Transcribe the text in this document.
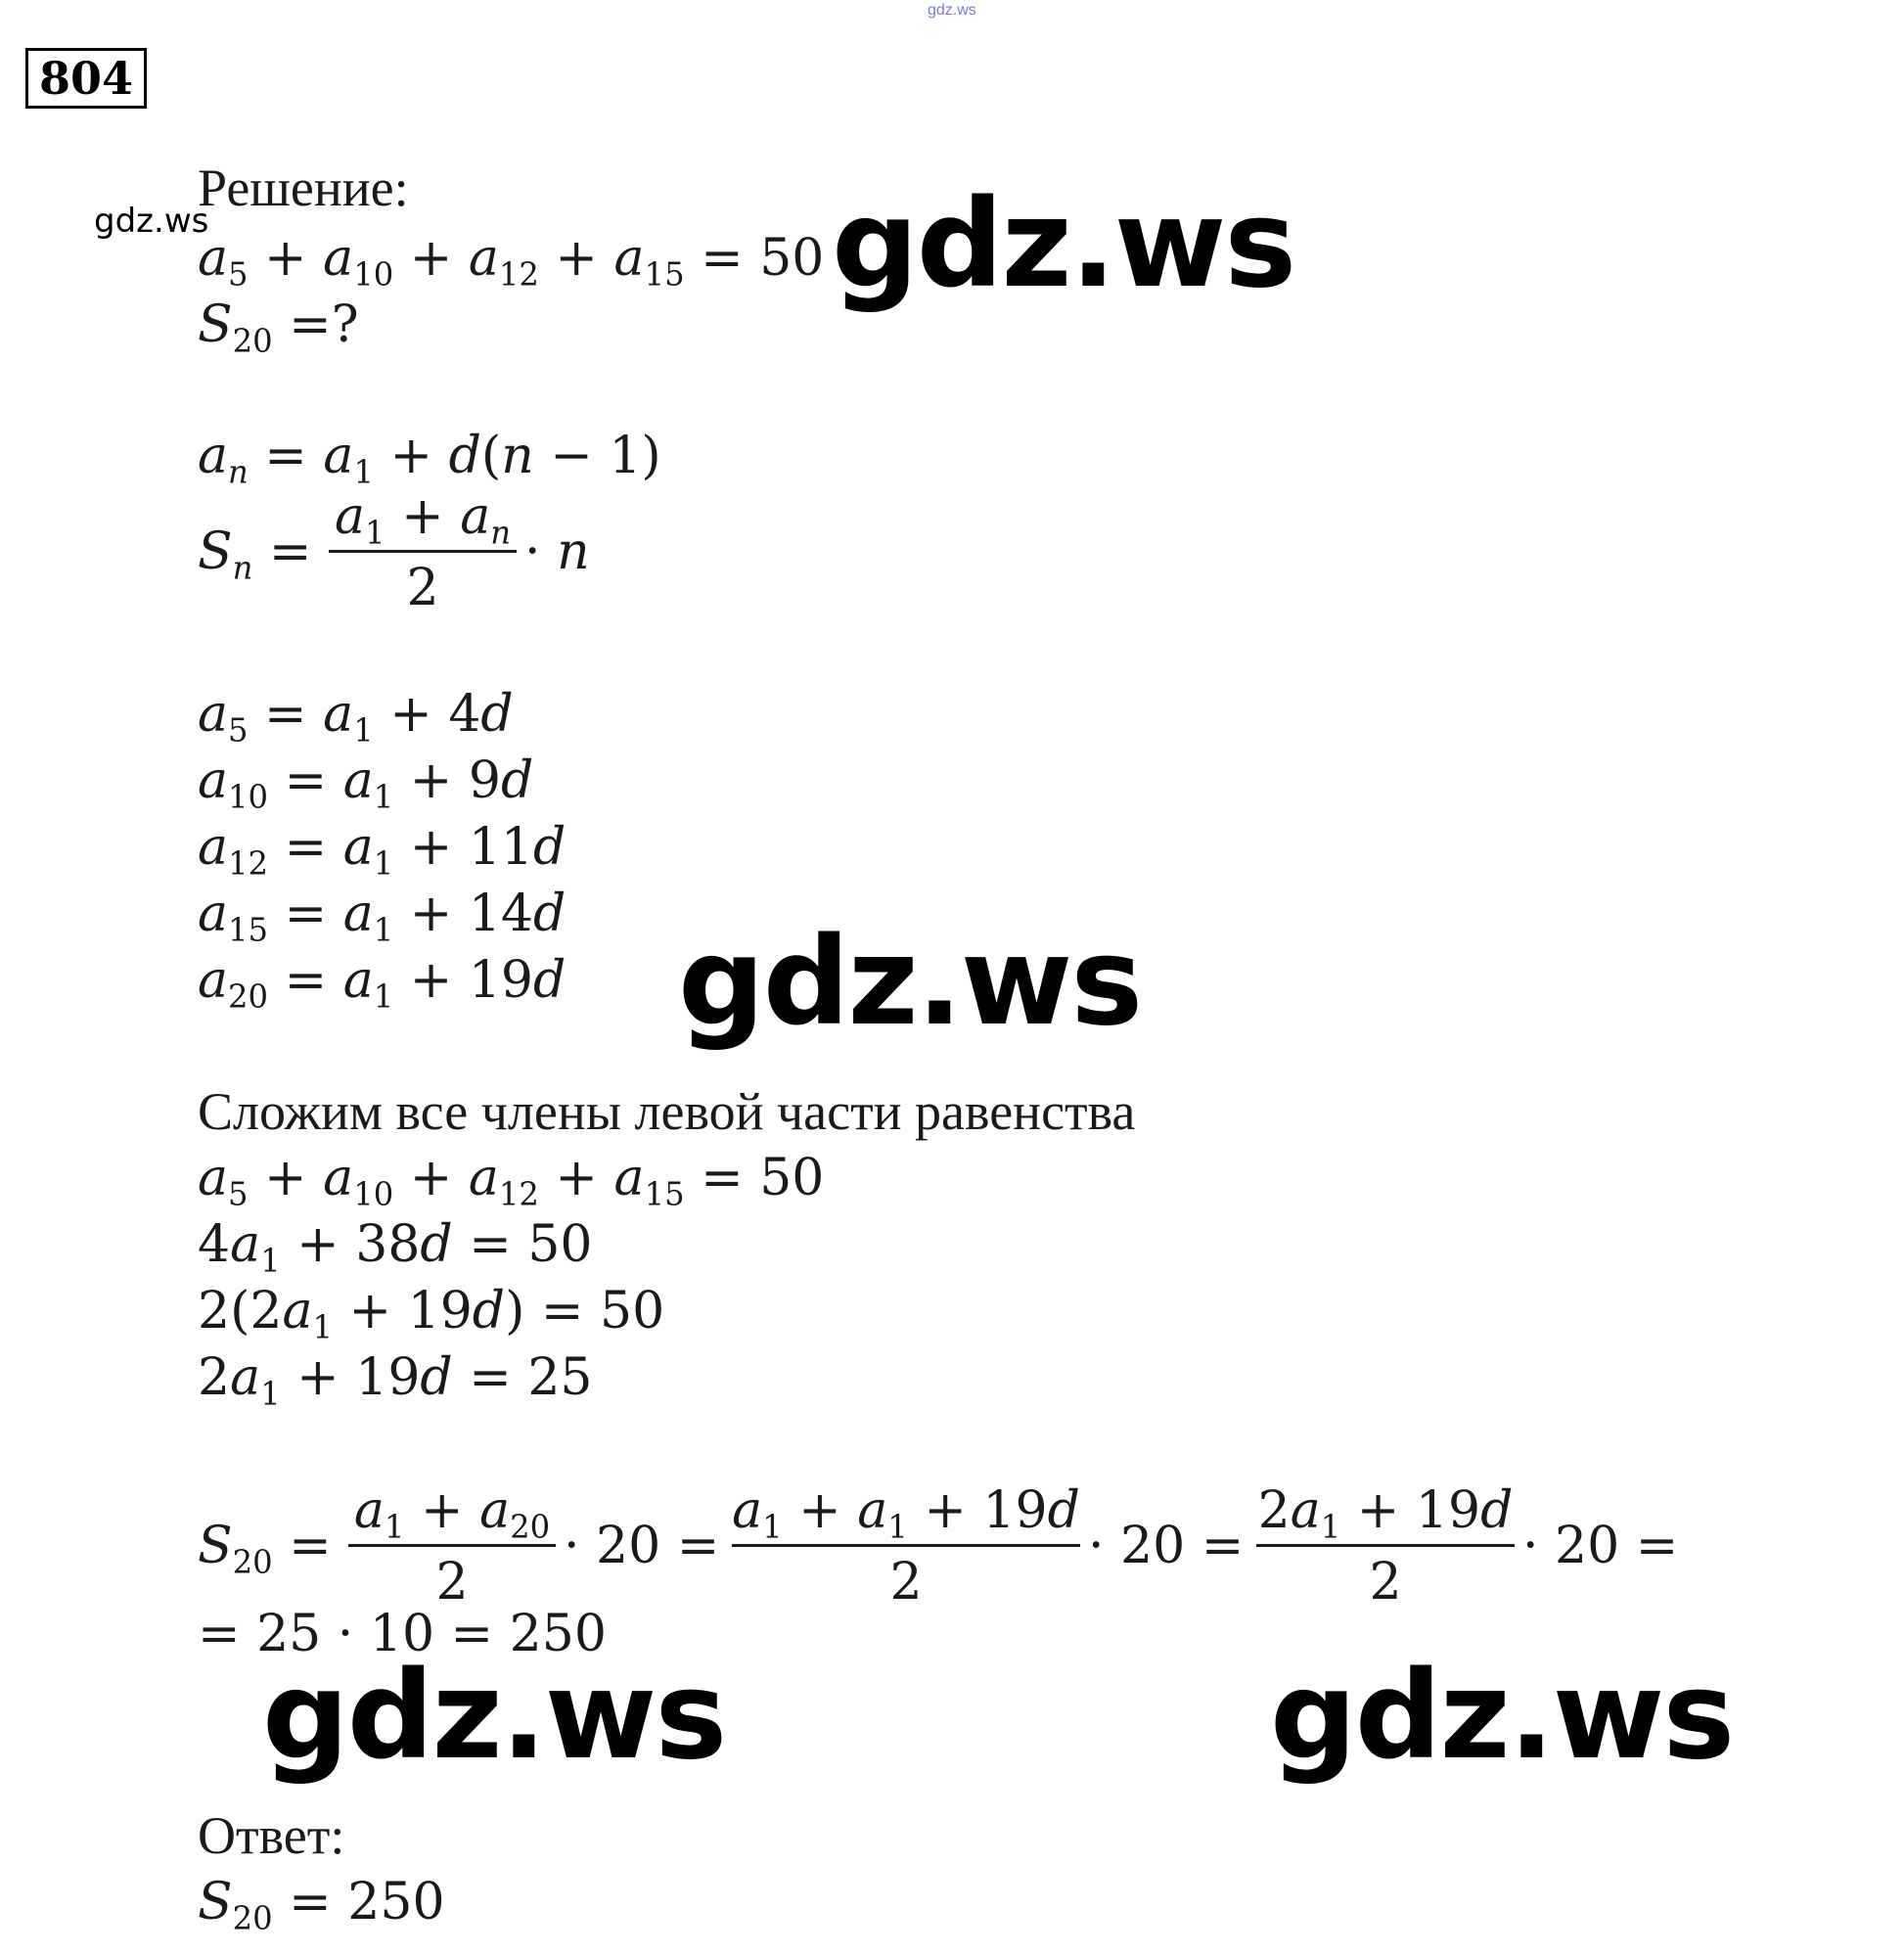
gdz.ws
804
gdz.ws	gdz.ws
gdz.ws
gdz.ws	gdz.ws
Решение:
$a_5 + a_{10} + a_{12} + a_{15} = 50$
$S_{20}$ =?
$a_n = a_1 + d(n - 1)$
$S_n$ =
$a_1 + a_n$
2
· n
$a_5 = a_1 + 4d$
$a_{10} = a_1 + 9d$
$a_{12} = a_1 + 11d$
$a_{15} = a_1 + 14d$
$a_{20} = a_1 + 19d$
Сложим все члены левой части равенства
$a_5 + a_{10} + a_{12} + a_{15} = 50$
$4a_1 + 38d = 50$
$2(2a_1 + 19d) = 50$
$2a_1 + 19d = 25$
$S_{20}$ =
$a_1 + a_{20}$
2
· 20 =
$a_1 + a_1 + 19d$
2
· 20 =
$2a_1 + 19d$
2
· 20 =
= 25 · 10 = 250
Ответ:
$S_{20} = 250$
